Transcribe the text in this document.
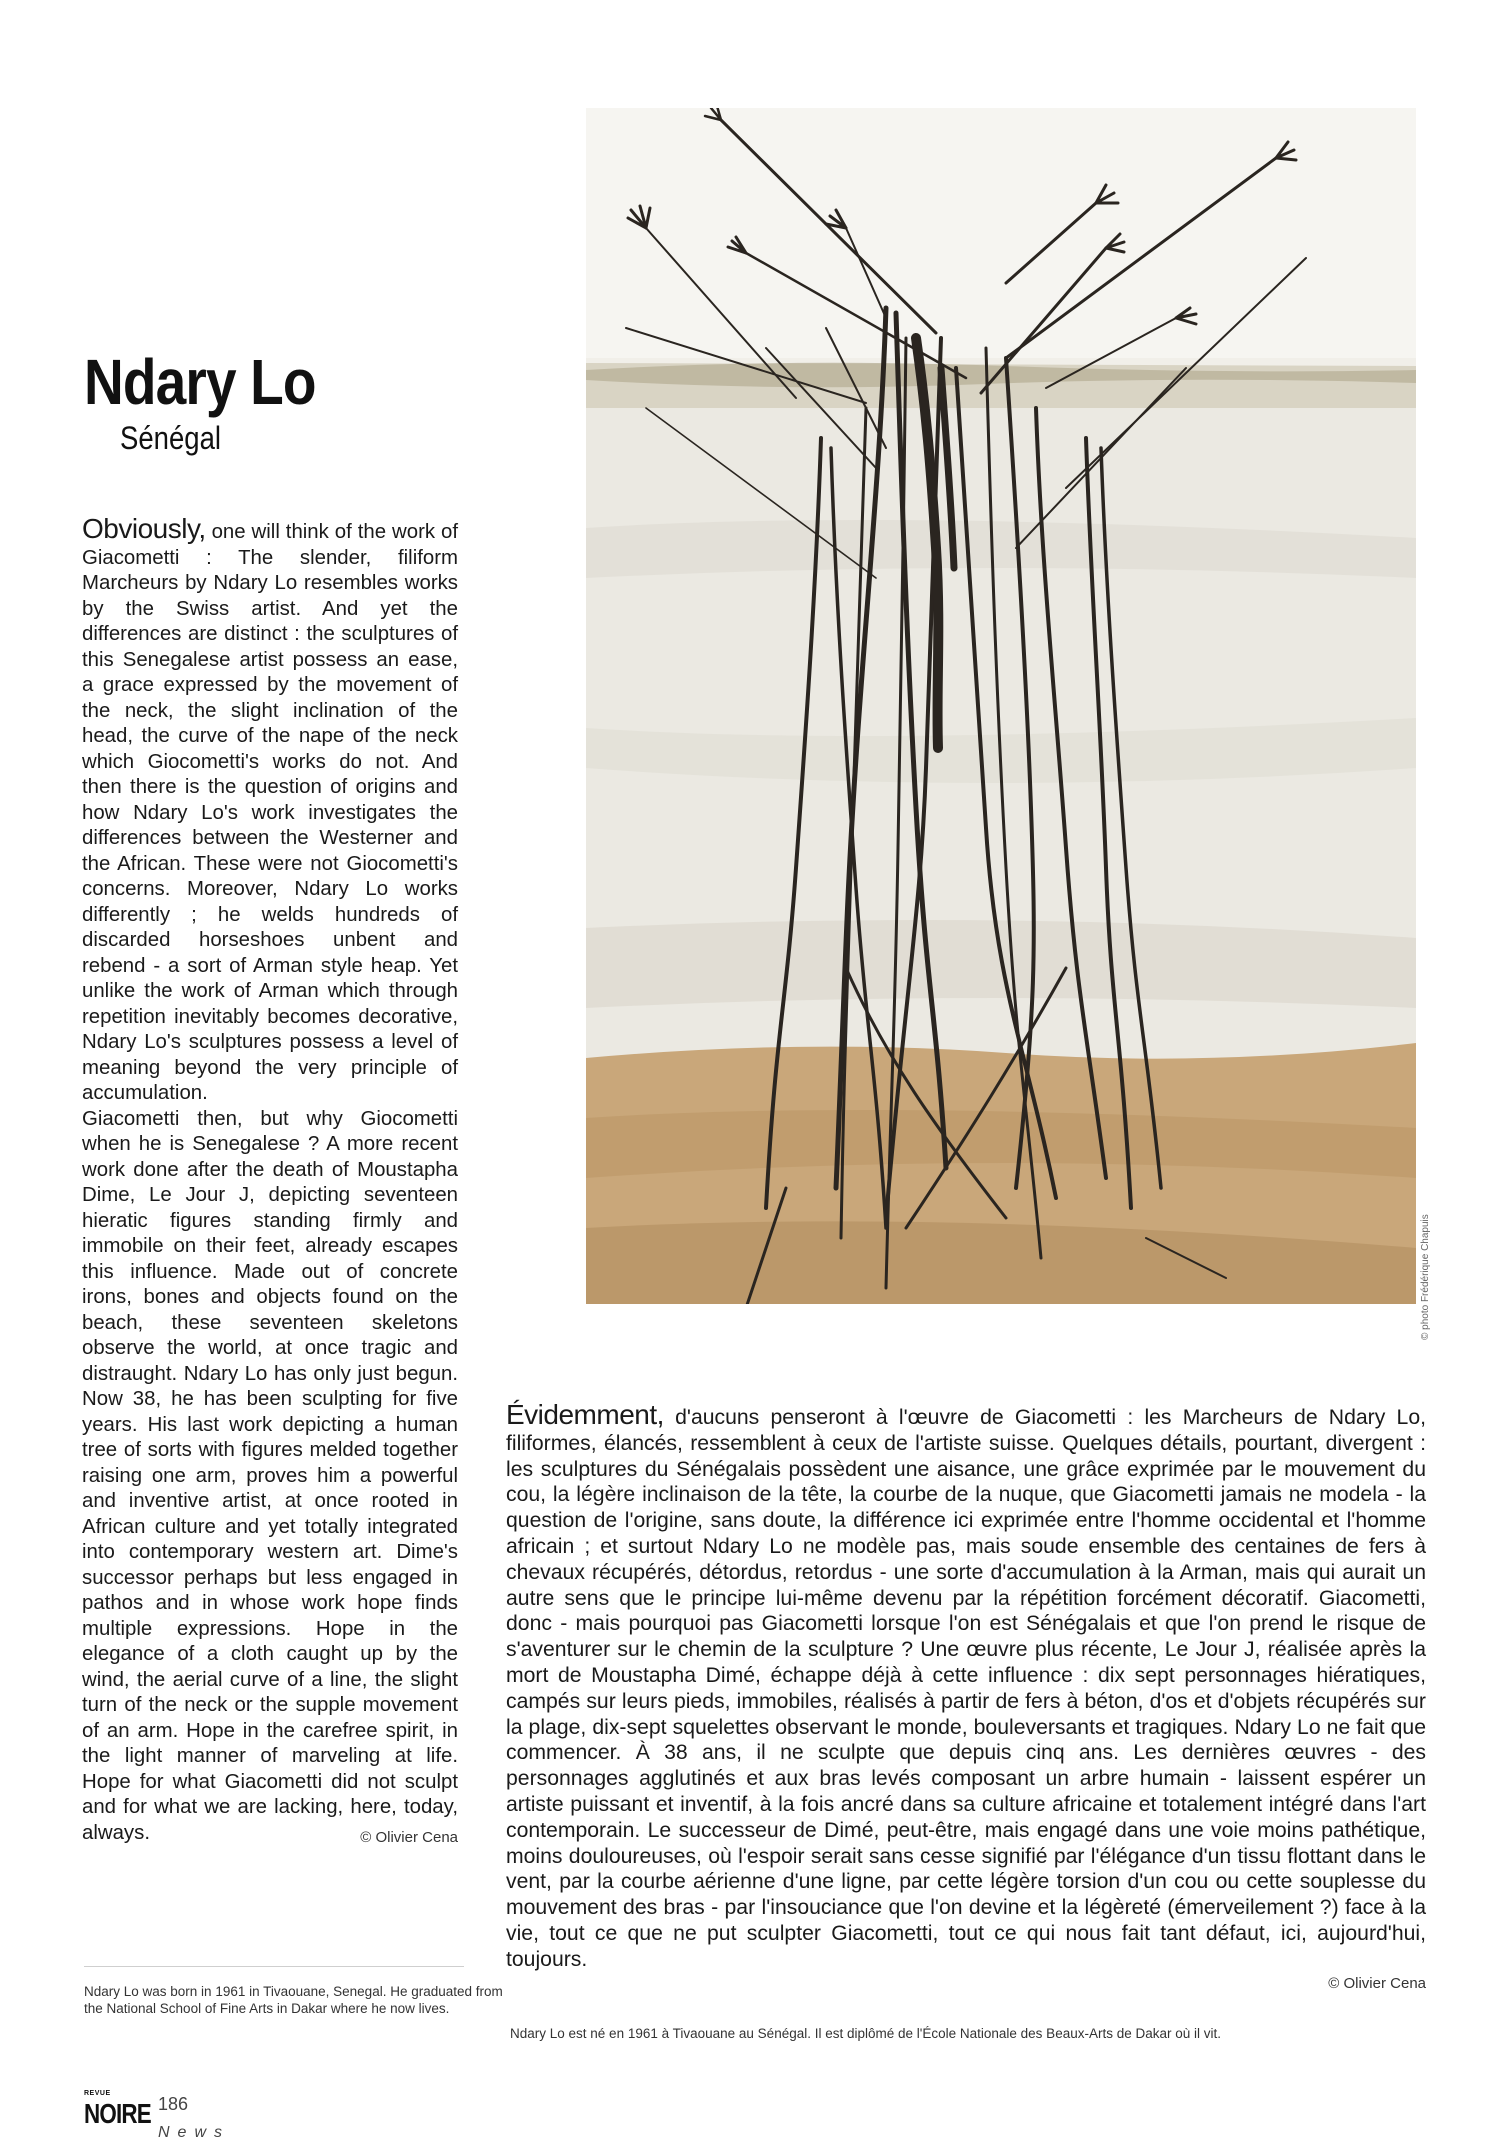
Ndary Lo
Sénégal

Obviously, one will think of the work of Giacometti : The slender, filiform Marcheurs by Ndary Lo resembles works by the Swiss artist. And yet the differences are distinct : the sculptures of this Senegalese artist possess an ease, a grace expressed by the movement of the neck, the slight inclination of the head, the curve of the nape of the neck which Giocometti's works do not. And then there is the question of origins and how Ndary Lo's work investigates the differences between the Westerner and the African. These were not Giocometti's concerns. Moreover, Ndary Lo works differently ; he welds hundreds of discarded horseshoes unbent and rebend - a sort of Arman style heap. Yet unlike the work of Arman which through repetition inevitably becomes decorative, Ndary Lo's sculptures possess a level of meaning beyond the very principle of accumulation.

Giacometti then, but why Giocometti when he is Senegalese ? A more recent work done after the death of Moustapha Dime, Le Jour J, depicting seventeen hieratic figures standing firmly and immobile on their feet, already escapes this influence. Made out of concrete irons, bones and objects found on the beach, these seventeen skeletons observe the world, at once tragic and distraught. Ndary Lo has only just begun. Now 38, he has been sculpting for five years. His last work depicting a human tree of sorts with figures melded together raising one arm, proves him a powerful and inventive artist, at once rooted in African culture and yet totally integrated into contemporary western art. Dime's successor perhaps but less engaged in pathos and in whose work hope finds multiple expressions. Hope in the elegance of a cloth caught up by the wind, the aerial curve of a line, the slight turn of the neck or the supple movement of an arm. Hope in the carefree spirit, in the light manner of marveling at life. Hope for what Giacometti did not sculpt and for what we are lacking, here, today, always.	© Olivier Cena

© photo Frédérique Chapuis

Évidemment, d'aucuns penseront à l'œuvre de Giacometti : les Marcheurs de Ndary Lo, filiformes, élancés, ressemblent à ceux de l'artiste suisse. Quelques détails, pourtant, divergent : les sculptures du Sénégalais possèdent une aisance, une grâce exprimée par le mouvement du cou, la légère inclinaison de la tête, la courbe de la nuque, que Giacometti jamais ne modela - la question de l'origine, sans doute, la différence ici exprimée entre l'homme occidental et l'homme africain ; et surtout Ndary Lo ne modèle pas, mais soude ensemble des centaines de fers à chevaux récupérés, détordus, retordus - une sorte d'accumulation à la Arman, mais qui aurait un autre sens que le principe lui-même devenu par la répétition forcément décoratif. Giacometti, donc - mais pourquoi pas Giacometti lorsque l'on est Sénégalais et que l'on prend le risque de s'aventurer sur le chemin de la sculpture ? Une œuvre plus récente, Le Jour J, réalisée après la mort de Moustapha Dimé, échappe déjà à cette influence : dix sept personnages hiératiques, campés sur leurs pieds, immobiles, réalisés à partir de fers à béton, d'os et d'objets récupérés sur la plage, dix-sept squelettes observant le monde, bouleversants et tragiques. Ndary Lo ne fait que commencer. À 38 ans, il ne sculpte que depuis cinq ans. Les dernières œuvres - des personnages agglutinés et aux bras levés composant un arbre humain - laissent espérer un artiste puissant et inventif, à la fois ancré dans sa culture africaine et totalement intégré dans l'art contemporain. Le successeur de Dimé, peut-être, mais engagé dans une voie moins pathétique, moins douloureuses, où l'espoir serait sans cesse signifié par l'élégance d'un tissu flottant dans le vent, par la courbe aérienne d'une ligne, par cette légère torsion d'un cou ou cette souplesse du mouvement des bras - par l'insouciance que l'on devine et la légèreté (émerveilement ?) face à la vie, tout ce que ne put sculpter Giacometti, tout ce qui nous fait tant défaut, ici, aujourd'hui, toujours.

© Olivier Cena

Ndary Lo was born in 1961 in Tivaouane, Senegal. He graduated from the National School of Fine Arts in Dakar where he now lives.

Ndary Lo est né en 1961 à Tivaouane au Sénégal. Il est diplômé de l'École Nationale des Beaux-Arts de Dakar où il vit.

REVUE
NOIRE 186
News
